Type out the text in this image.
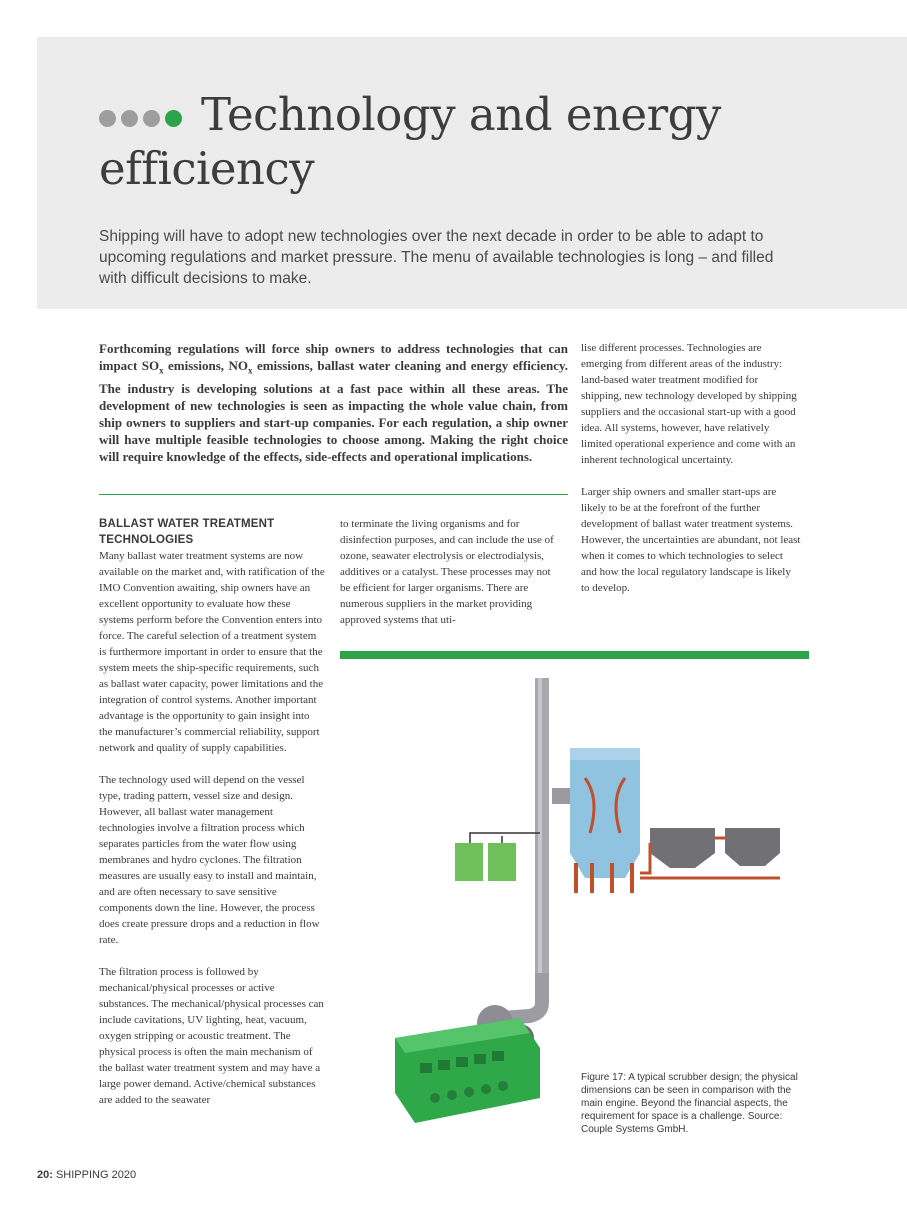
Technology and energy
efficiency
Shipping will have to adopt new technologies over the next decade in order to be able to adapt to upcoming regulations and market pressure. The menu of available technologies is long – and filled with difficult decisions to make.
Forthcoming regulations will force ship owners to address technologies that can impact $SO_x$ emissions, $NO_x$ emissions, ballast water cleaning and energy efficiency. The industry is developing solutions at a fast pace within all these areas. The development of new technologies is seen as impacting the whole value chain, from ship owners to suppliers and start-up companies. For each regulation, a ship owner will have multiple feasible technologies to choose among. Making the right choice will require knowledge of the effects, side-effects and operational implications.
BALLAST WATER TREATMENT TECHNOLOGIES

Many ballast water treatment systems are now available on the market and, with ratification of the IMO Convention awaiting, ship owners have an excellent opportunity to evaluate how these systems perform before the Convention enters into force. The careful selection of a treatment system is furthermore important in order to ensure that the system meets the ship-specific requirements, such as ballast water capacity, power limitations and the integration of control systems. Another important advantage is the opportunity to gain insight into the manufacturer’s commercial reliability, support network and quality of supply capabilities.

The technology used will depend on the vessel type, trading pattern, vessel size and design. However, all ballast water management technologies involve a filtration process which separates particles from the water flow using membranes and hydro cyclones. The filtration measures are usually easy to install and maintain, and are often necessary to save sensitive components down the line. However, the process does create pressure drops and a reduction in flow rate.

The filtration process is followed by mechanical/physical processes or active substances. The mechanical/physical processes can include cavitations, UV lighting, heat, vacuum, oxygen stripping or acoustic treatment. The physical process is often the main mechanism of the ballast water treatment system and may have a large power demand. Active/chemical substances are added to the seawater

to terminate the living organisms and for disinfection purposes, and can include the use of ozone, seawater electrolysis or electrodialysis, additives or a catalyst. These processes may not be efficient for larger organisms. There are numerous suppliers in the market providing approved systems that uti-

lise different processes. Technologies are emerging from different areas of the industry: land-based water treatment modified for shipping, new technology developed by shipping suppliers and the occasional start-up with a good idea. All systems, however, have relatively limited operational experience and come with an inherent technological uncertainty.

Larger ship owners and smaller start-ups are likely to be at the forefront of the further development of ballast water treatment systems. However, the uncertainties are abundant, not least when it comes to which technologies to select and how the local regulatory landscape is likely to develop.

Figure 17: A typical scrubber design; the physical dimensions can be seen in comparison with the main engine. Beyond the financial aspects, the requirement for space is a challenge. Source: Couple Systems GmbH.
20: SHIPPING 2020
